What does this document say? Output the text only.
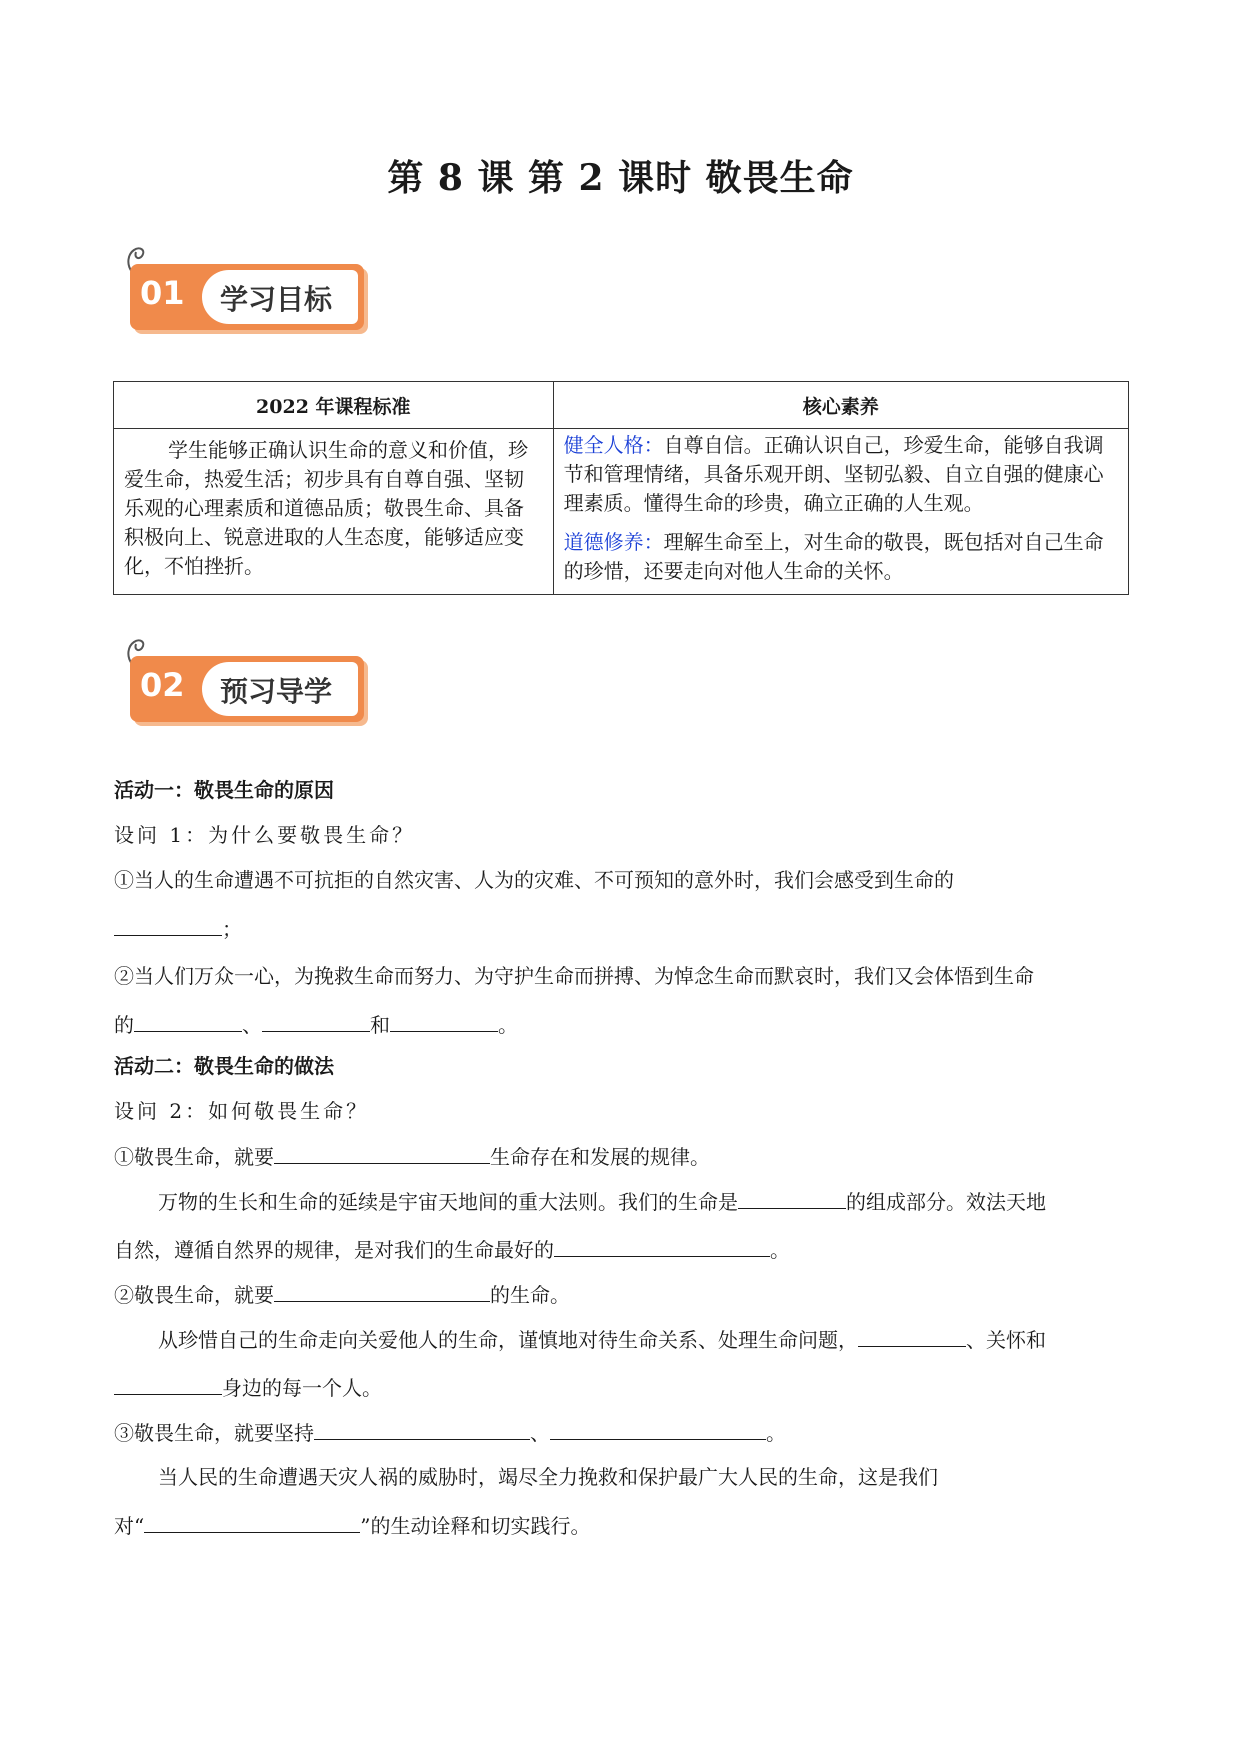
第 8 课 第 2 课时 敬畏生命
01 学习目标
2022 年课程标准	核心素养

学生能够正确认识生命的意义和价值，珍爱生命，热爱生活；初步具有自尊自强、坚韧乐观的心理素质和道德品质；敬畏生命、具备积极向上、锐意进取的人生态度，能够适应变化，不怕挫折。	健全人格：自尊自信。正确认识自己，珍爱生命，能够自我调节和管理情绪，具备乐观开朗、坚韧弘毅、自立自强的健康心理素质。懂得生命的珍贵，确立正确的人生观。

道德修养：理解生命至上，对生命的敬畏，既包括对自己生命的珍惜，还要走向对他人生命的关怀。

02 预习导学

活动一：敬畏生命的原因

设问 1：为什么要敬畏生命？

①当人的生命遭遇不可抗拒的自然灾害、人为的灾难、不可预知的意外时，我们会感受到生命的

；

②当人们万众一心，为挽救生命而努力、为守护生命而拼搏、为悼念生命而默哀时，我们又会体悟到生命

的	、	和	。

活动二：敬畏生命的做法

设问 2：如何敬畏生命？

①敬畏生命，就要	生命存在和发展的规律。

万物的生长和生命的延续是宇宙天地间的重大法则。我们的生命是	的组成部分。效法天地

自然，遵循自然界的规律，是对我们的生命最好的	。

②敬畏生命，就要	的生命。

从珍惜自己的生命走向关爱他人的生命，谨慎地对待生命关系、处理生命问题，	、关怀和

身边的每一个人。

③敬畏生命，就要坚持	、	。

当人民的生命遭遇天灾人祸的威胁时，竭尽全力挽救和保护最广大人民的生命，这是我们

对“	”的生动诠释和切实践行。
